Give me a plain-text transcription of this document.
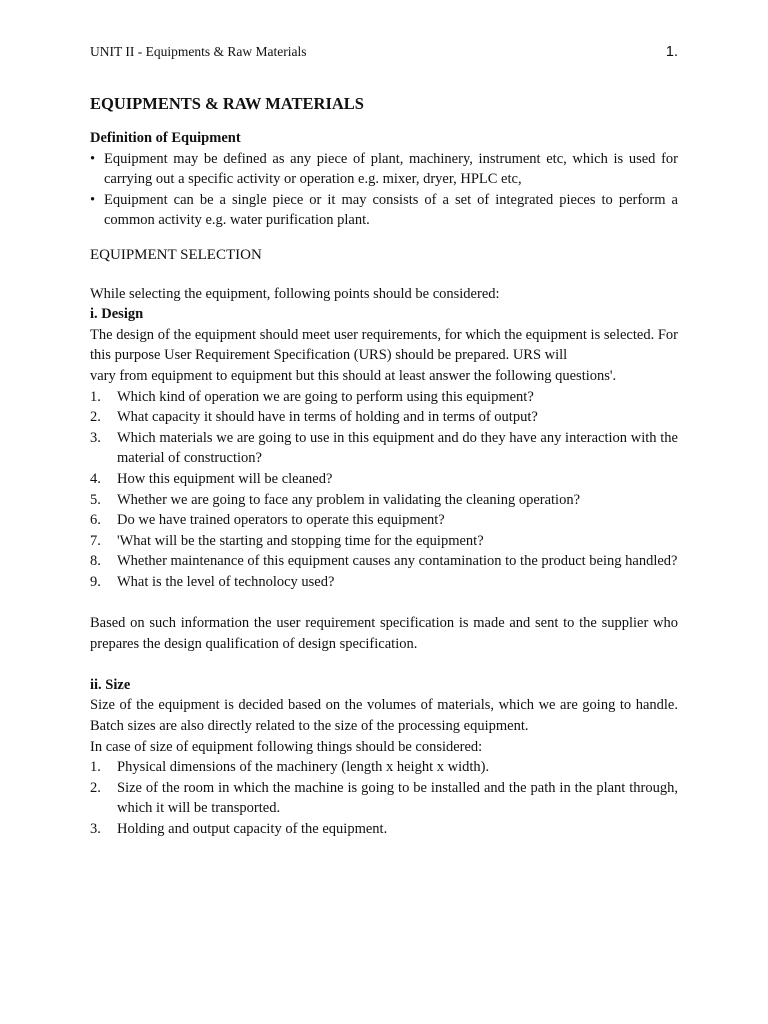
UNIT II - Equipments & Raw Materials	1.
EQUIPMENTS & RAW MATERIALS
Definition of Equipment
• Equipment may be defined as any piece of plant, machinery, instrument etc, which is used for carrying out a specific activity or operation e.g. mixer, dryer, HPLC etc,
• Equipment can be a single piece or it may consists of a set of integrated pieces to perform a common activity e.g. water purification plant.
EQUIPMENT SELECTION

While selecting the equipment, following points should be considered:

i. Design

The design of the equipment should meet user requirements, for which the equipment is selected. For this purpose User Requirement Specification (URS) should be prepared. URS will

vary from equipment to equipment but this should at least answer the following questions'.

1. Which kind of operation we are going to perform using this equipment?
2. What capacity it should have in terms of holding and in terms of output?
3. Which materials we are going to use in this equipment and do they have any interaction with the material of construction?
4. How this equipment will be cleaned?
5. Whether we are going to face any problem in validating the cleaning operation?
6. Do we have trained operators to operate this equipment?
7. 'What will be the starting and stopping time for the equipment?
8. Whether maintenance of this equipment causes any contamination to the product being handled?
9. What is the level of technolocy used?

Based on such information the user requirement specification is made and sent to the supplier who prepares the design qualification of design specification.

ii. Size

Size of the equipment is decided based on the volumes of materials, which we are going to handle. Batch sizes are also directly related to the size of the processing equipment.

In case of size of equipment following things should be considered:

1. Physical dimensions of the machinery (length x height x width).
2. Size of the room in which the machine is going to be installed and the path in the plant through, which it will be transported.
3. Holding and output capacity of the equipment.
